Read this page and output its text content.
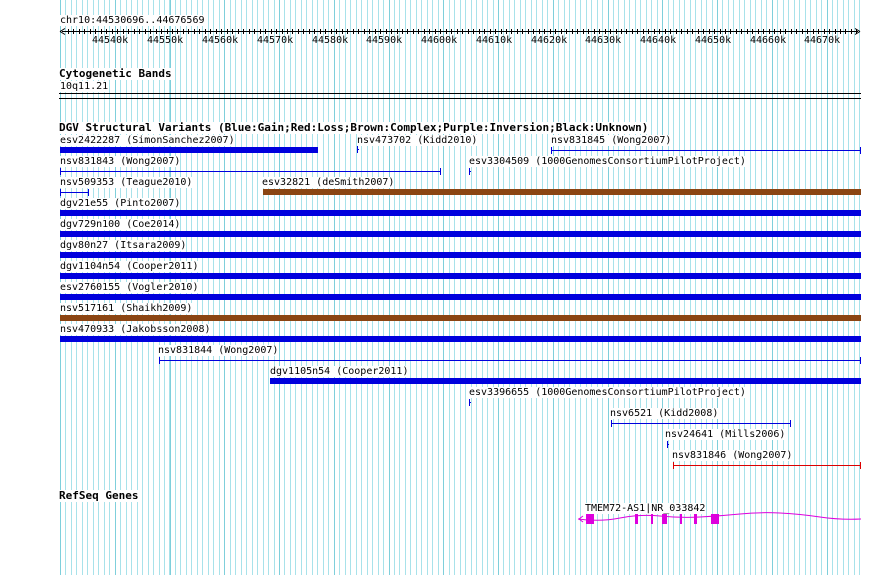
chr10:44530696..44676569
44540k 44550k 44560k 44570k 44580k 44590k 44600k 44610k 44620k 44630k 44640k 44650k 44660k 44670k
Cytogenetic Bands
10q11.21
DGV Structural Variants (Blue:Gain;Red:Loss;Brown:Complex;Purple:Inversion;Black:Unknown)
esv2422287 (SimonSanchez2007)	nsv473702 (Kidd2010)	nsv831845 (Wong2007)
nsv831843 (Wong2007)	esv3304509 (1000GenomesConsortiumPilotProject)
nsv509353 (Teague2010)	esv32821 (deSmith2007)
dgv21e55 (Pinto2007)
dgv729n100 (Coe2014)
dgv80n27 (Itsara2009)
dgv1104n54 (Cooper2011)
esv2760155 (Vogler2010)
nsv517161 (Shaikh2009)
nsv470933 (Jakobsson2008)
nsv831844 (Wong2007)
dgv1105n54 (Cooper2011)
esv3396655 (1000GenomesConsortiumPilotProject)
nsv6521 (Kidd2008)
nsv24641 (Mills2006)
nsv831846 (Wong2007)
RefSeq Genes
TMEM72-AS1|NR_033842
